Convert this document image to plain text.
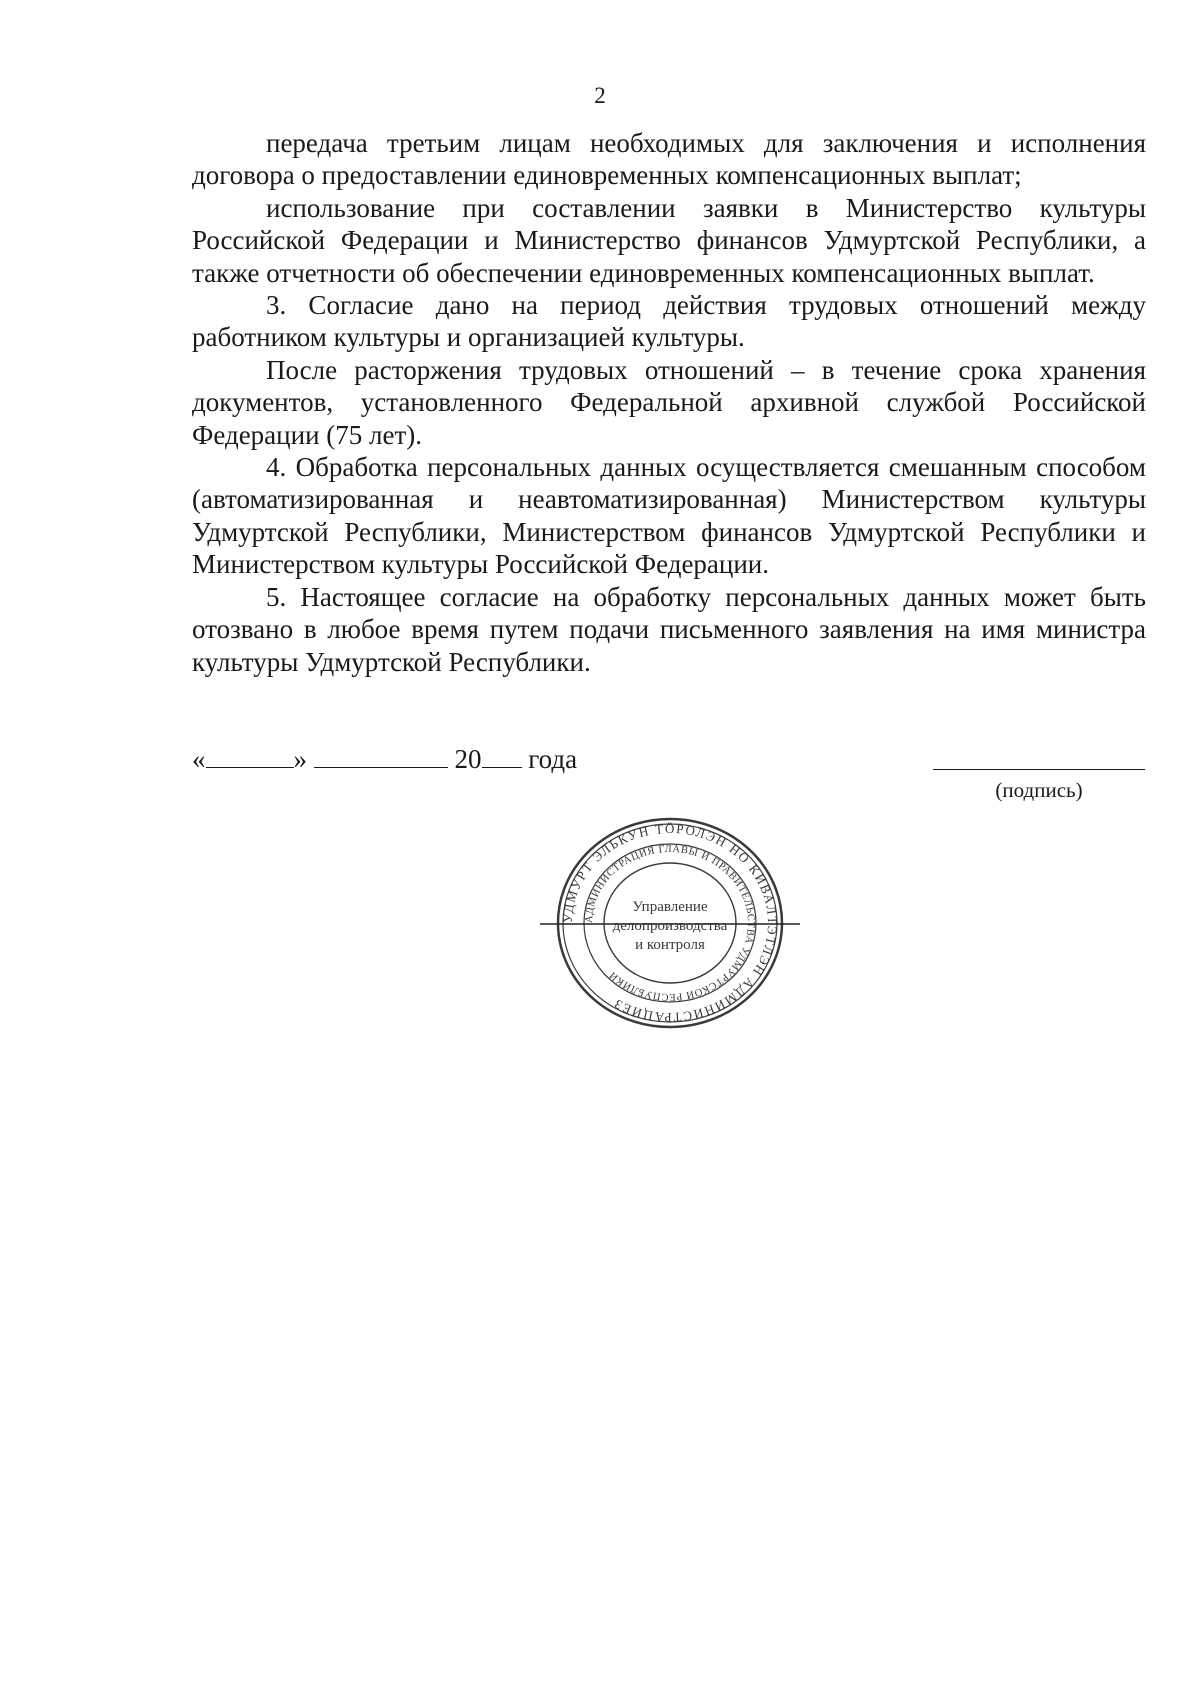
2

передача третьим лицам необходимых для заключения и исполнения договора о предоставлении единовременных компенсационных выплат;

использование при составлении заявки в Министерство культуры Российской Федерации и Министерство финансов Удмуртской Республики, а также отчетности об обеспечении единовременных компенсационных выплат.

3. Согласие дано на период действия трудовых отношений между работником культуры и организацией культуры.

После расторжения трудовых отношений – в течение срока хранения документов, установленного Федеральной архивной службой Российской Федерации (75 лет).

4. Обработка персональных данных осуществляется смешанным способом (автоматизированная и неавтоматизированная) Министерством культуры Удмуртской Республики, Министерством финансов Удмуртской Республики и Министерством культуры Российской Федерации.

5. Настоящее согласие на обработку персональных данных может быть отозвано в любое время путем подачи письменного заявления на имя министра культуры Удмуртской Республики.

«	»	20 года
(подпись)
УДМУРТ ЭЛЬКУН ТӦРОЛЭН НО КИВАЛТЭТЛЭН АДМИНИСТРАЦИЕЗ
АДМИНИСТРАЦИЯ ГЛАВЫ И ПРАВИТЕЛЬСТВА УДМУРТСКОЙ РЕСПУБЛИКИ
Управление
делопроизводства
и контроля
